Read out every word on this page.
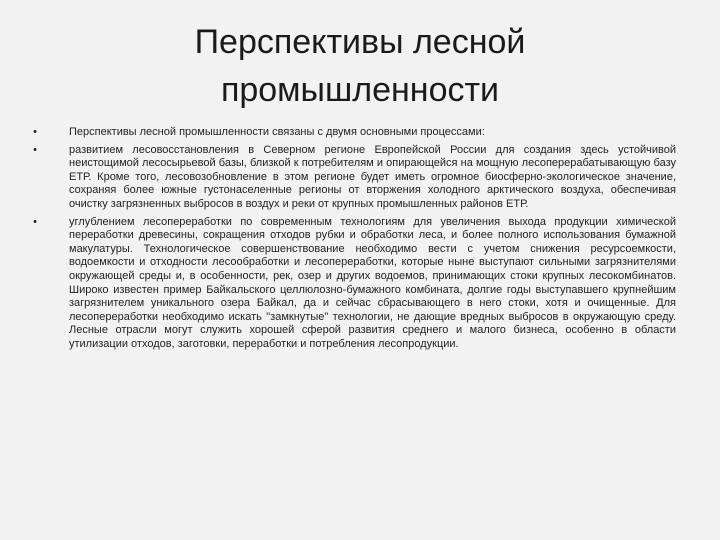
Перспективы лесной промышленности
•	Перспективы лесной промышленности связаны с двумя основными процессами:
•	развитием лесовосстановления в Северном регионе Европейской России для создания здесь устойчивой неистощимой лесосырьевой базы, близкой к потребителям и опирающейся на мощную лесоперерабатывающую базу ЕТР. Кроме того, лесовозобновление в этом регионе будет иметь огромное биосферно-экологическое значение, сохраняя более южные густонаселенные регионы от вторжения холодного арктического воздуха, обеспечивая очистку загрязненных выбросов в воздух и реки от крупных промышленных районов ЕТР.
•	углублением лесопереработки по современным технологиям для увеличения выхода продукции химической переработки древесины, сокращения отходов рубки и обработки леса, и более полного использования бумажной макулатуры. Технологическое совершенствование необходимо вести с учетом снижения ресурсоемкости, водоемкости и отходности лесообработки и лесопереработки, которые ныне выступают сильными загрязнителями окружающей среды и, в особенности, рек, озер и других водоемов, принимающих стоки крупных лесокомбинатов. Широко известен пример Байкальского целлюлозно-бумажного комбината, долгие годы выступавшего крупнейшим загрязнителем уникального озера Байкал, да и сейчас сбрасывающего в него стоки, хотя и очищенные. Для лесопереработки необходимо искать "замкнутые" технологии, не дающие вредных выбросов в окружающую среду. Лесные отрасли могут служить хорошей сферой развития среднего и малого бизнеса, особенно в области утилизации отходов, заготовки, переработки и потребления лесопродукции.
